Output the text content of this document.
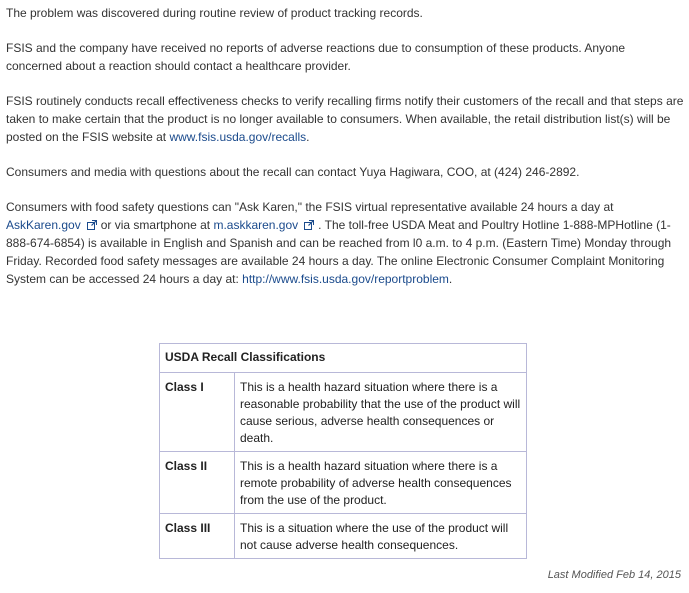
The problem was discovered during routine review of product tracking records.

FSIS and the company have received no reports of adverse reactions due to consumption of these products. Anyone concerned about a reaction should contact a healthcare provider.

FSIS routinely conducts recall effectiveness checks to verify recalling firms notify their customers of the recall and that steps are taken to make certain that the product is no longer available to consumers. When available, the retail distribution list(s) will be posted on the FSIS website at www.fsis.usda.gov/recalls.

Consumers and media with questions about the recall can contact Yuya Hagiwara, COO, at (424) 246-2892.

Consumers with food safety questions can "Ask Karen," the FSIS virtual representative available 24 hours a day at AskKaren.gov or via smartphone at m.askkaren.gov . The toll-free USDA Meat and Poultry Hotline 1-888-MPHotline (1-888-674-6854) is available in English and Spanish and can be reached from l0 a.m. to 4 p.m. (Eastern Time) Monday through Friday. Recorded food safety messages are available 24 hours a day. The online Electronic Consumer Complaint Monitoring System can be accessed 24 hours a day at: http://www.fsis.usda.gov/reportproblem.

USDA Recall Classifications	
Class I	This is a health hazard situation where there is a reasonable probability that the use of the product will cause serious, adverse health consequences or death.
Class II	This is a health hazard situation where there is a remote probability of adverse health consequences from the use of the product.
Class III	This is a situation where the use of the product will not cause adverse health consequences.
Last Modified Feb 14, 2015
